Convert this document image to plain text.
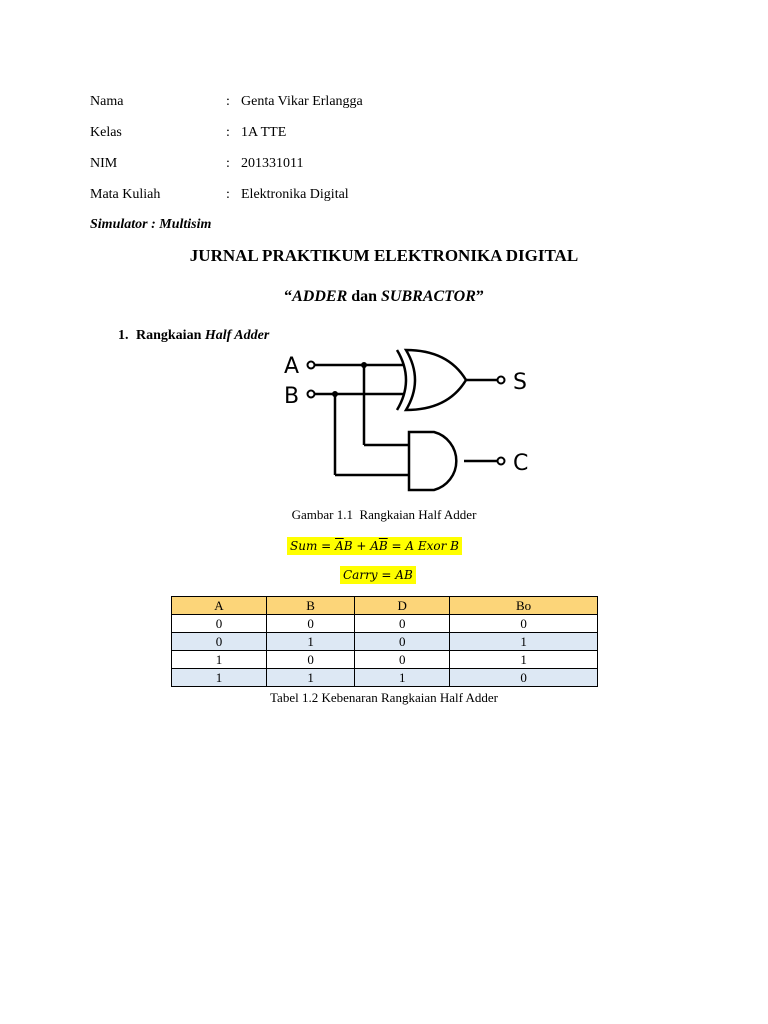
Nama	: Genta Vikar Erlangga
Kelas	: 1A TTE
NIM	: 201331011
Mata Kuliah	: Elektronika Digital
Simulator : Multisim
JURNAL PRAKTIKUM ELEKTRONIKA DIGITAL
“ADDER dan SUBRACTOR”
1. Rangkaian Half Adder
A
B
S
C
Gambar 1.1  Rangkaian Half Adder
Sum = $\overline{A}B + A\overline{B} = A$ Exor B
Carry = AB
A	B	D	Bo
0	0	0	0
0	1	0	1
1	0	0	1
1	1	1	0
Tabel 1.2 Kebenaran Rangkaian Half Adder
